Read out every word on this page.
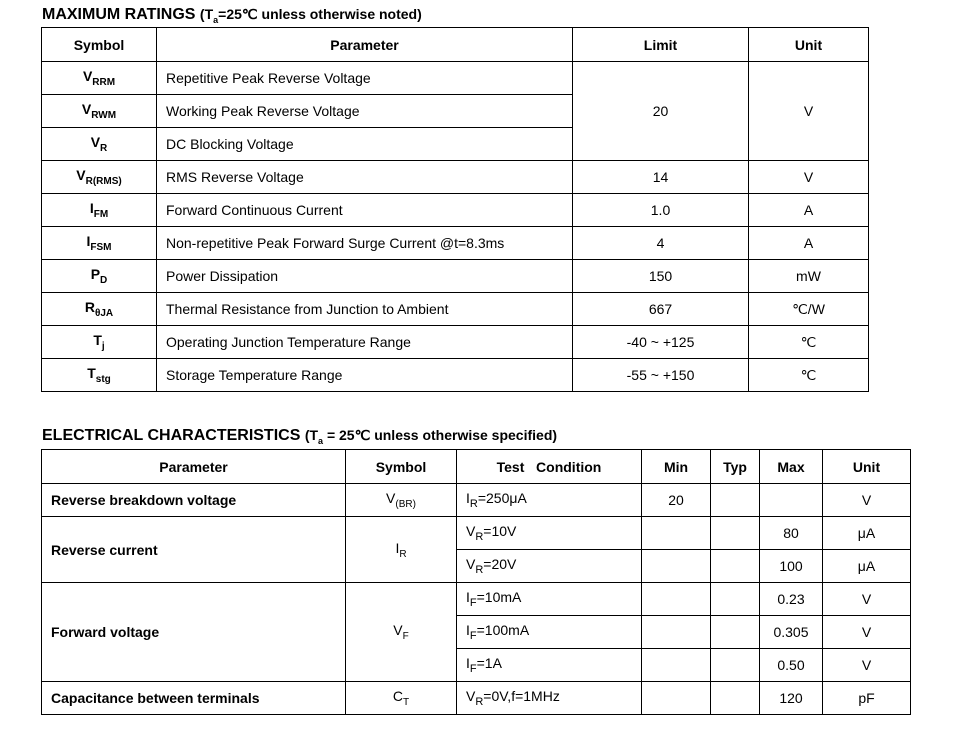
MAXIMUM RATINGS ($T_a=25℃$ unless otherwise noted)
Symbol	Parameter	Limit	Unit
$V_{RRM}$	Repetitive Peak Reverse Voltage	20	V
$V_{RWM}$	Working Peak Reverse Voltage		
$V_R$	DC Blocking Voltage		
$V_{R(RMS)}$	RMS Reverse Voltage	14	V
$I_{FM}$	Forward Continuous Current	1.0	A
$I_{FSM}$	Non-repetitive Peak Forward Surge Current @t=8.3ms	4	A
$P_D$	Power Dissipation	150	mW
$R_{\theta JA}$	Thermal Resistance from Junction to Ambient	667	℃/W
$T_j$	Operating Junction Temperature Range	-40 ~ +125	℃
$T_{stg}$	Storage Temperature Range	-55 ~ +150	℃
ELECTRICAL CHARACTERISTICS ($T_a$ = 25℃ unless otherwise specified)
Parameter	Symbol	Test   Condition	Min	Typ	Max	Unit
Reverse breakdown voltage	$V_{(BR)}$	$I_R=250\mu A$	20			V
Reverse current	$I_R$	$V_R=10V$			80	μA
		$V_R=20V$			100	μA
Forward voltage	$V_F$	$I_F=10mA$			0.23	V
		$I_F=100mA$			0.305	V
		$I_F=1A$			0.50	V
Capacitance between terminals	$C_T$	$V_R=0V,f=1MHz$			120	pF
